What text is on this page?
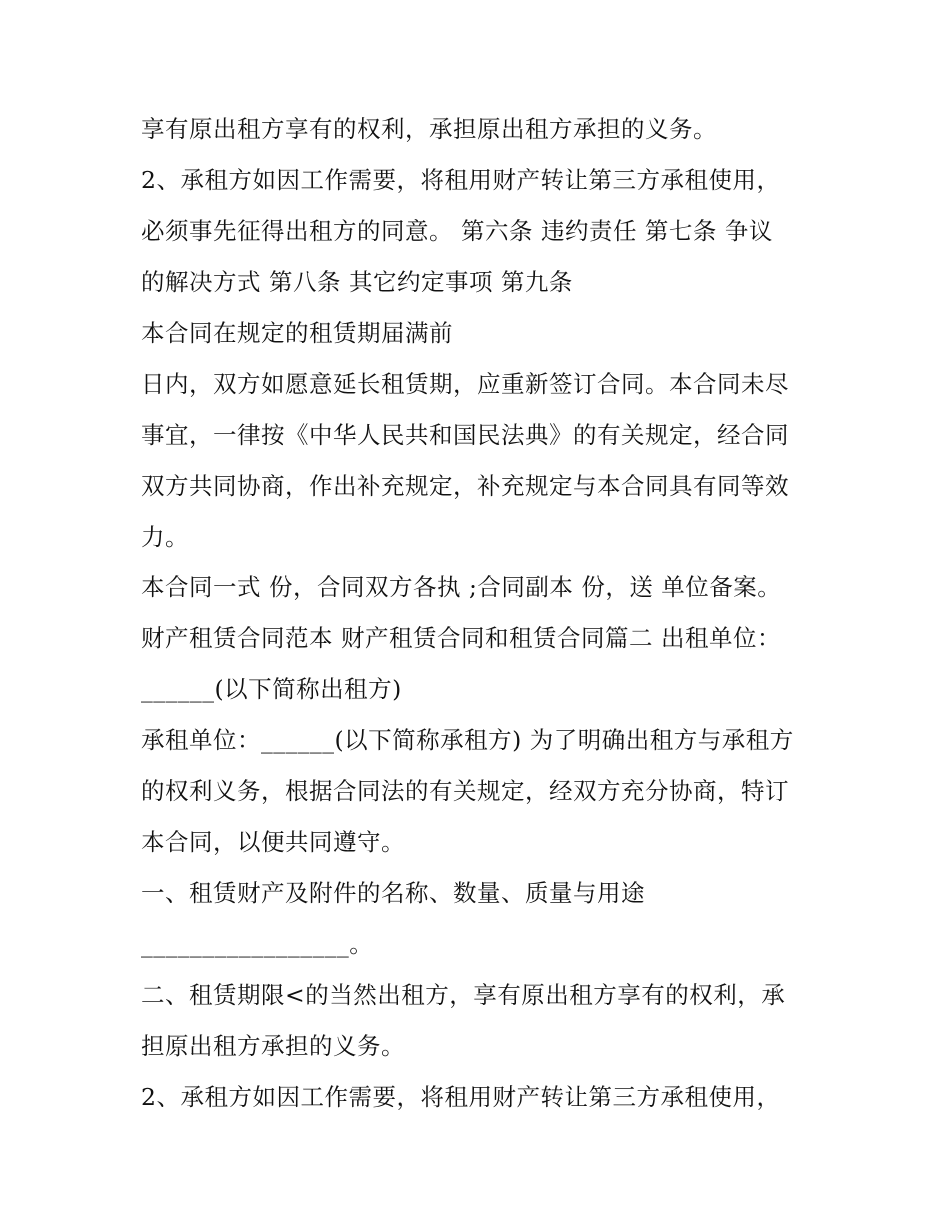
享有原出租方享有的权利，承担原出租方承担的义务。
2、承租方如因工作需要，将租用财产转让第三方承租使用，
必须事先征得出租方的同意。 第六条 违约责任 第七条 争议
的解决方式 第八条 其它约定事项 第九条
本合同在规定的租赁期届满前
日内，双方如愿意延长租赁期，应重新签订合同。本合同未尽
事宜，一律按《中华人民共和国民法典》的有关规定，经合同
双方共同协商，作出补充规定，补充规定与本合同具有同等效
力。
本合同一式 份，合同双方各执 ;合同副本 份，送 单位备案。
财产租赁合同范本 财产租赁合同和租赁合同篇二 出租单位：
______(以下简称出租方)
承租单位：______(以下简称承租方) 为了明确出租方与承租方
的权利义务，根据合同法的有关规定，经双方充分协商，特订
本合同，以便共同遵守。
一、租赁财产及附件的名称、数量、质量与用途
_________________。
二、租赁期限<的当然出租方，享有原出租方享有的权利，承
担原出租方承担的义务。
2、承租方如因工作需要，将租用财产转让第三方承租使用，
